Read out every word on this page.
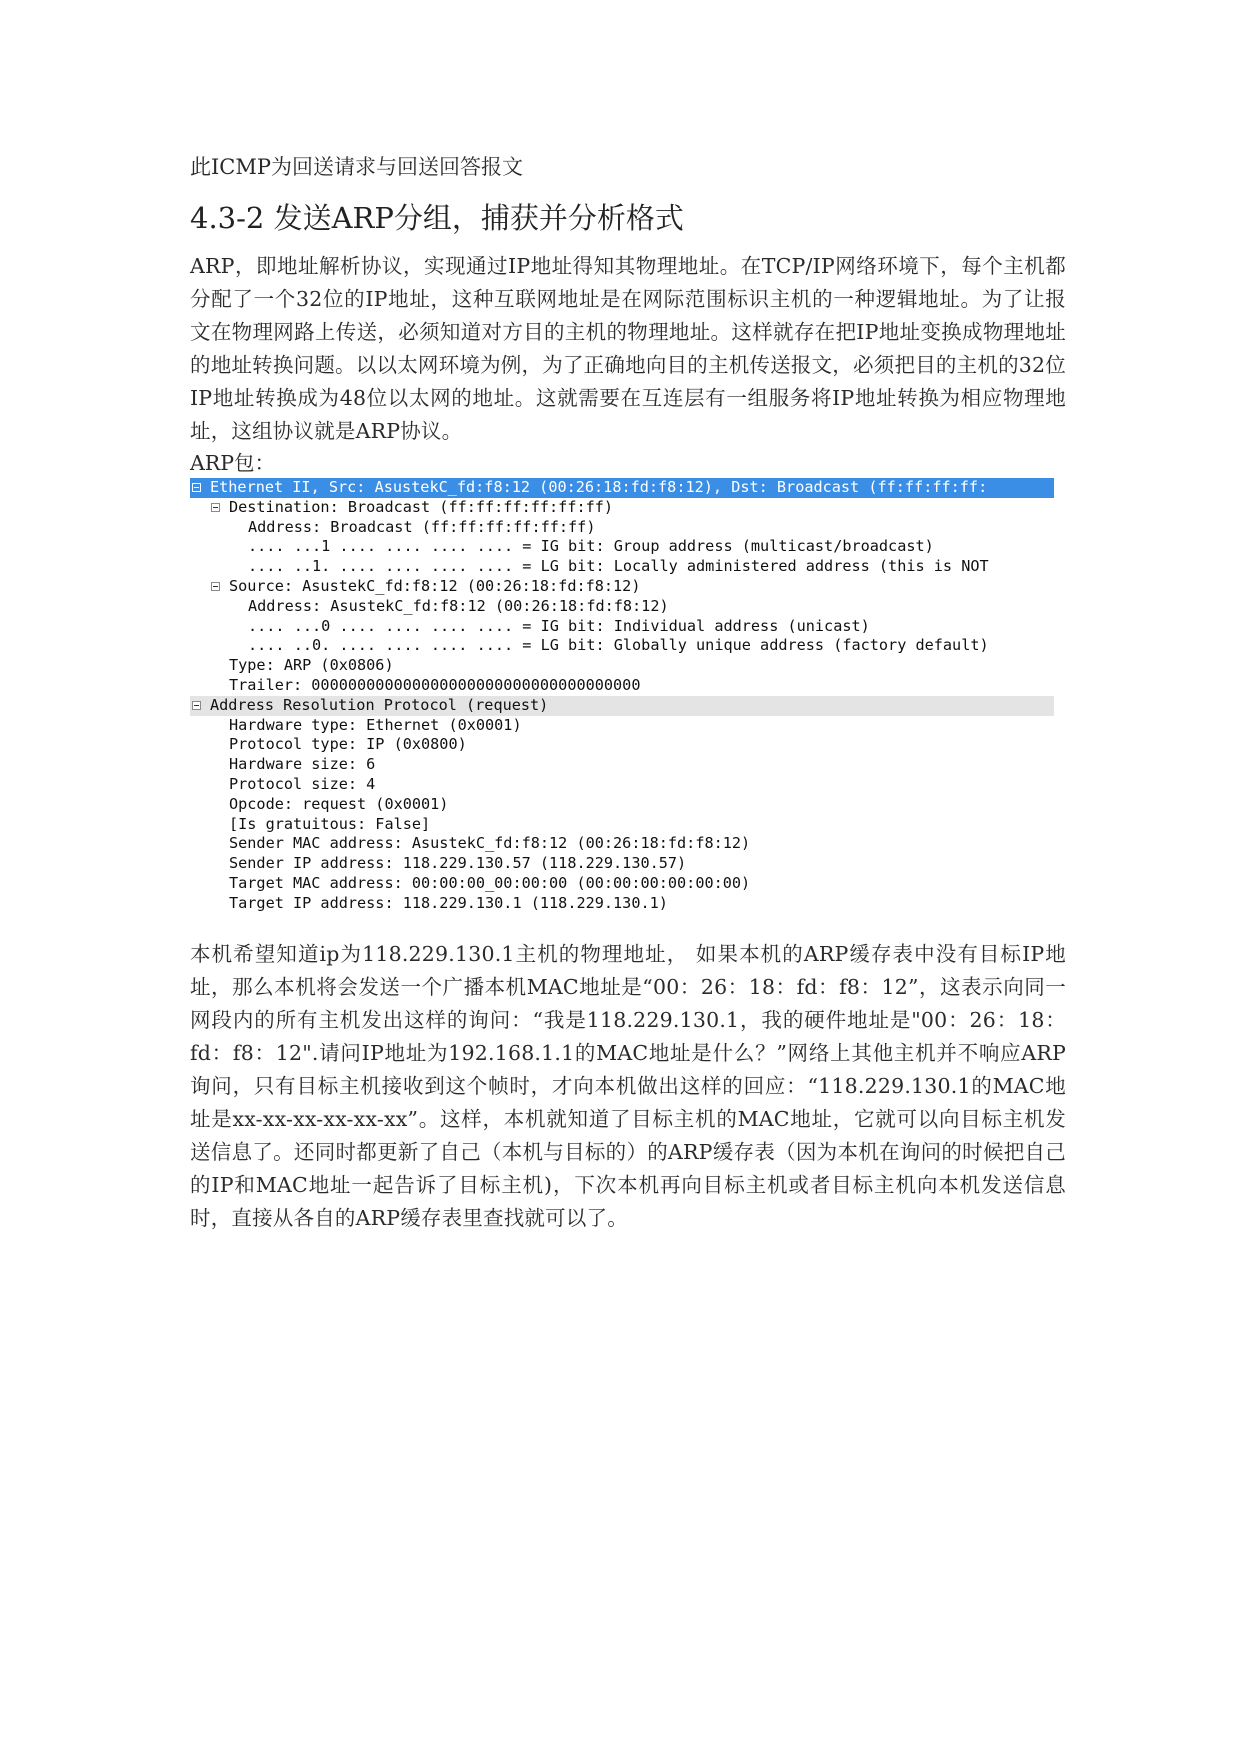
此ICMP为回送请求与回送回答报文

4.3-2 发送ARP分组，捕获并分析格式

ARP，即地址解析协议，实现通过IP地址得知其物理地址。在TCP/IP网络环境下，每个主机都分配了一个32位的IP地址，这种互联网地址是在网际范围标识主机的一种逻辑地址。为了让报文在物理网路上传送，必须知道对方目的主机的物理地址。这样就存在把IP地址变换成物理地址的地址转换问题。以以太网环境为例，为了正确地向目的主机传送报文，必须把目的主机的32位IP地址转换成为48位以太网的地址。这就需要在互连层有一组服务将IP地址转换为相应物理地址，这组协议就是ARP协议。

ARP包：

Ethernet II, Src: AsustekC_fd:f8:12 (00:26:18:fd:f8:12), Dst: Broadcast (ff:ff:ff:ff:

Destination: Broadcast (ff:ff:ff:ff:ff:ff)

Address: Broadcast (ff:ff:ff:ff:ff:ff)

.... ...1 .... .... .... .... = IG bit: Group address (multicast/broadcast)

.... ..1. .... .... .... .... = LG bit: Locally administered address (this is NOT

Source: AsustekC_fd:f8:12 (00:26:18:fd:f8:12)

Address: AsustekC_fd:f8:12 (00:26:18:fd:f8:12)

.... ...0 .... .... .... .... = IG bit: Individual address (unicast)

.... ..0. .... .... .... .... = LG bit: Globally unique address (factory default)

Type: ARP (0x0806)

Trailer: 000000000000000000000000000000000000

Address Resolution Protocol (request)

Hardware type: Ethernet (0x0001)

Protocol type: IP (0x0800)

Hardware size: 6

Protocol size: 4

Opcode: request (0x0001)

[Is gratuitous: False]

Sender MAC address: AsustekC_fd:f8:12 (00:26:18:fd:f8:12)

Sender IP address: 118.229.130.57 (118.229.130.57)

Target MAC address: 00:00:00_00:00:00 (00:00:00:00:00:00)

Target IP address: 118.229.130.1 (118.229.130.1)

本机希望知道ip为118.229.130.1主机的物理地址， 如果本机的ARP缓存表中没有目标IP地址，那么本机将会发送一个广播本机MAC地址是“00：26：18：fd：f8：12”，这表示向同一网段内的所有主机发出这样的询问：“我是118.229.130.1，我的硬件地址是"00：26：18：fd：f8：12".请问IP地址为192.168.1.1的MAC地址是什么？”网络上其他主机并不响应ARP询问，只有目标主机接收到这个帧时，才向本机做出这样的回应：“118.229.130.1的MAC地址是xx-xx-xx-xx-xx-xx”。这样，本机就知道了目标主机的MAC地址，它就可以向目标主机发送信息了。还同时都更新了自己（本机与目标的）的ARP缓存表（因为本机在询问的时候把自己的IP和MAC地址一起告诉了目标主机)，下次本机再向目标主机或者目标主机向本机发送信息时，直接从各自的ARP缓存表里查找就可以了。
